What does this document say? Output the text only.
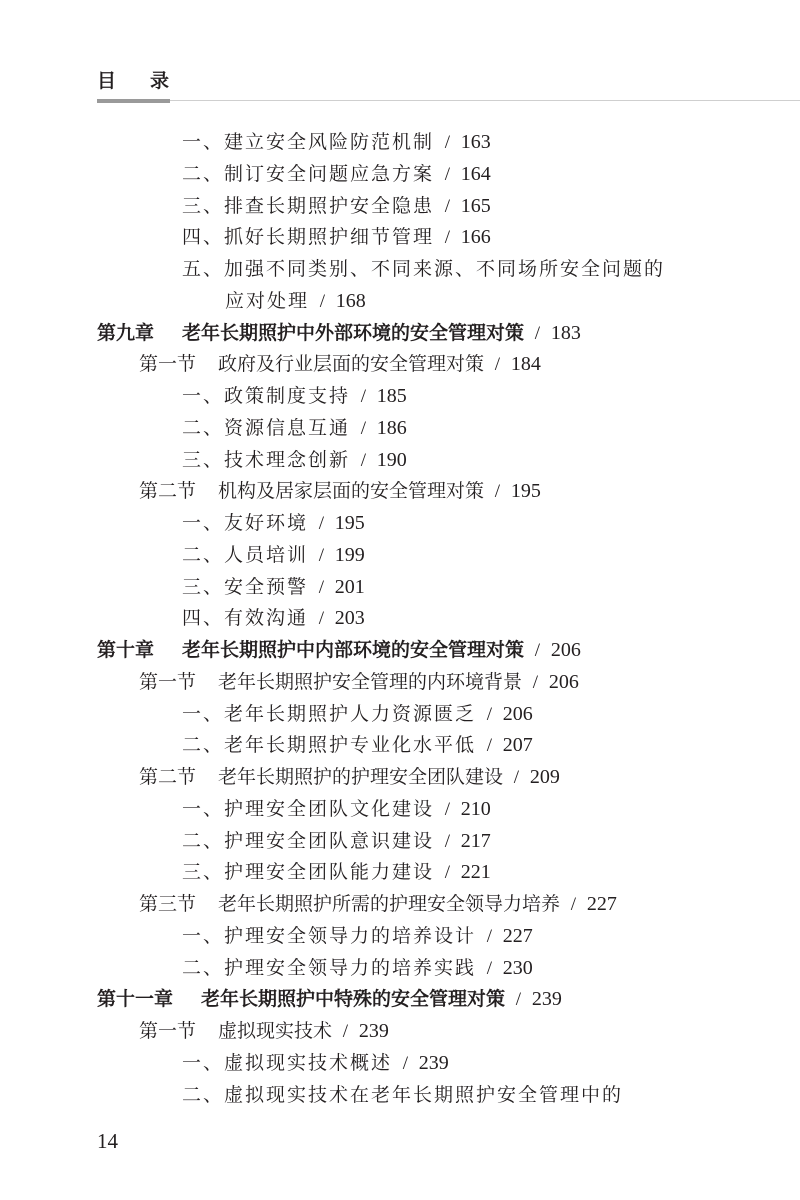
目 录
一、建立安全风险防范机制 / 163
二、制订安全问题应急方案 / 164
三、排查长期照护安全隐患 / 165
四、抓好长期照护细节管理 / 166
五、加强不同类别、不同来源、不同场所安全问题的
应对处理 / 168
第九章 老年长期照护中外部环境的安全管理对策 / 183
第一节 政府及行业层面的安全管理对策 / 184
一、政策制度支持 / 185
二、资源信息互通 / 186
三、技术理念创新 / 190
第二节 机构及居家层面的安全管理对策 / 195
一、友好环境 / 195
二、人员培训 / 199
三、安全预警 / 201
四、有效沟通 / 203
第十章 老年长期照护中内部环境的安全管理对策 / 206
第一节 老年长期照护安全管理的内环境背景 / 206
一、老年长期照护人力资源匮乏 / 206
二、老年长期照护专业化水平低 / 207
第二节 老年长期照护的护理安全团队建设 / 209
一、护理安全团队文化建设 / 210
二、护理安全团队意识建设 / 217
三、护理安全团队能力建设 / 221
第三节 老年长期照护所需的护理安全领导力培养 / 227
一、护理安全领导力的培养设计 / 227
二、护理安全领导力的培养实践 / 230
第十一章 老年长期照护中特殊的安全管理对策 / 239
第一节 虚拟现实技术 / 239
一、虚拟现实技术概述 / 239
二、虚拟现实技术在老年长期照护安全管理中的
14
